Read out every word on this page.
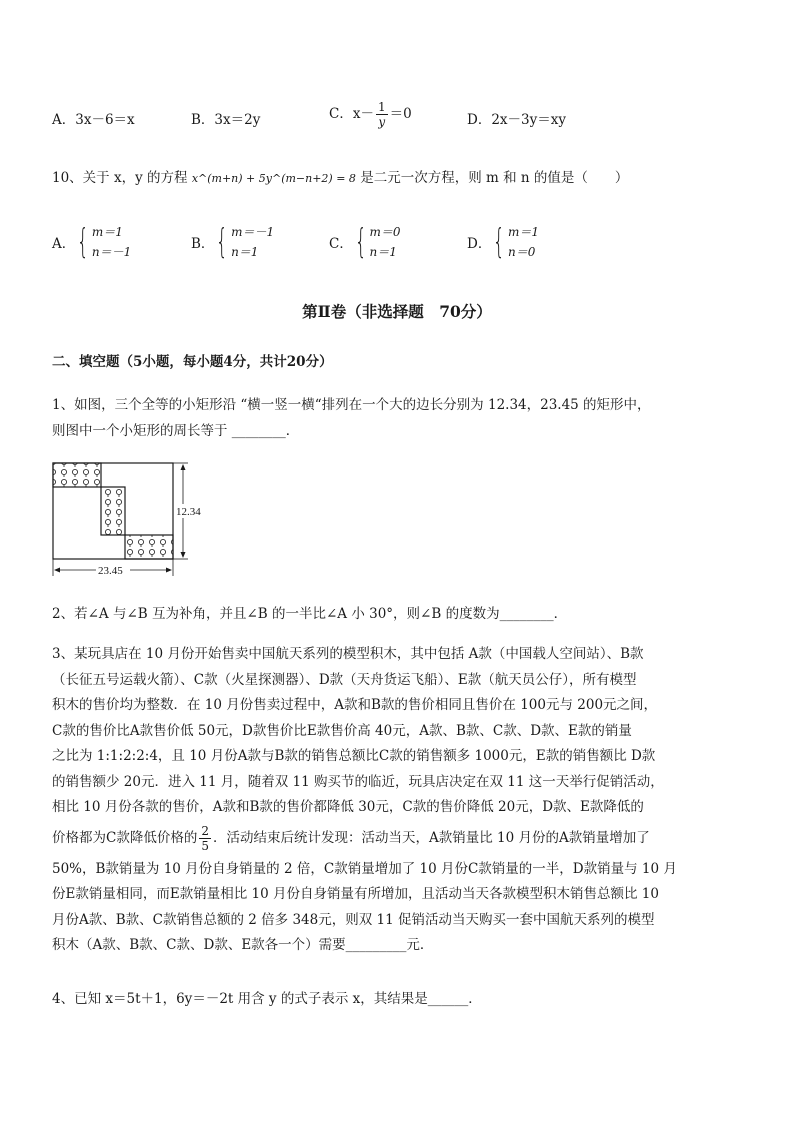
A．3x－6＝x	B．3x＝2y	C．$x- \frac{1}{y} =0$	D．2x－3y＝xy
10、关于 x，y 的方程 x^(m+n) + 5y^(m−n+2) = 8 是二元一次方程，则 m 和 n 的值是（　　）
A． { m＝1
n＝－1	B． { m＝－1
n＝1	C． { m＝0
n＝1	D． { m＝1
n＝0
第Ⅱ卷（非选择题　70分）
二、填空题（5小题，每小题4分，共计20分）
1、如图，三个全等的小矩形沿 “横一竖一横“排列在一个大的边长分别为 12.34，23.45 的矩形中，
则图中一个小矩形的周长等于 ________．
12.34
23.45
2、若∠A 与∠B 互为补角，并且∠B 的一半比∠A 小 30°，则∠B 的度数为________．
3、某玩具店在 10 月份开始售卖中国航天系列的模型积木，其中包括 A款（中国载人空间站）、B款
（长征五号运载火箭）、C款（火星探测器）、D款（天舟货运飞船）、E款（航天员公仔），所有模型
积木的售价均为整数．在 10 月份售卖过程中，A款和B款的售价相同且售价在 100元与 200元之间，
C款的售价比A款售价低 50元，D款售价比E款售价高 40元，A款、B款、C款、D款、E款的销量
之比为 1:1:2:2:4，且 10 月份A款与B款的销售总额比C款的销售额多 1000元，E款的销售额比 D款
的销售额少 20元．进入 11 月，随着双 11 购买节的临近，玩具店决定在双 11 这一天举行促销活动，
相比 10 月份各款的售价，A款和B款的售价都降低 30元，C款的售价降低 20元，D款、E款降低的
价格都为C款降低价格的 $\frac{2}{5}$ ．活动结束后统计发现：活动当天，A款销量比 10 月份的A款销量增加了
50%，B款销量为 10 月份自身销量的 2 倍，C款销量增加了 10 月份C款销量的一半，D款销量与 10 月
份E款销量相同，而E款销量相比 10 月份自身销量有所增加，且活动当天各款模型积木销售总额比 10
月份A款、B款、C款销售总额的 2 倍多 348元，则双 11 促销活动当天购买一套中国航天系列的模型
积木（A款、B款、C款、D款、E款各一个）需要_________元．
4、已知 x＝5t＋1，6y＝－2t 用含 y 的式子表示 x，其结果是______．
